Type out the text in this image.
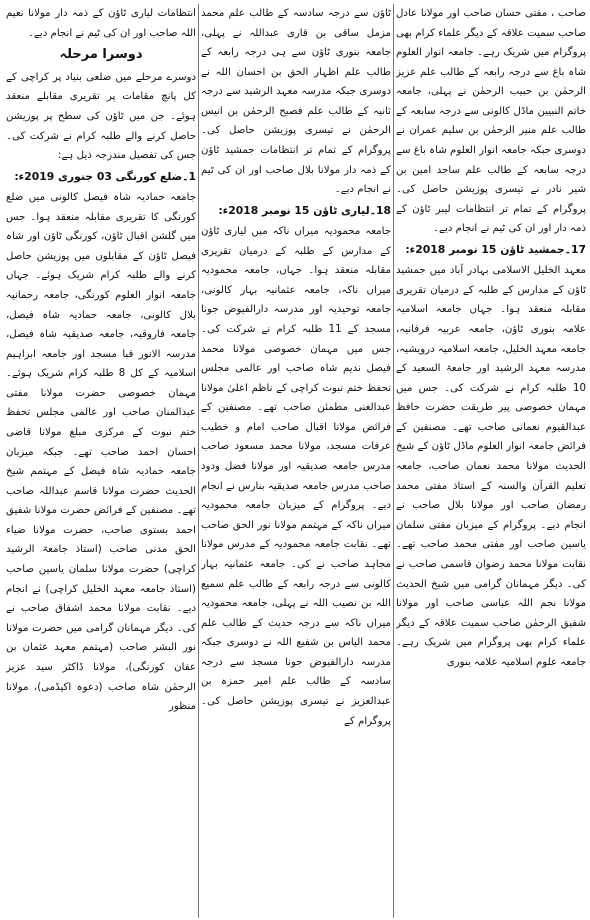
صاحب ، مفتی حسان صاحب اور مولانا عادل صاحب سمیت علاقہ کے دیگر علماء کرام بھی پروگرام میں شریک رہے۔ جامعہ انوار العلوم شاہ باغ سے درجہ رابعہ کے طالب علم عزیز الرحمٰن بن حبیب الرحمٰن نے پہلی، جامعہ خاتم النبیین ماڈل کالونی سے درجہ سابعہ کے طالب علم منیر الرحمٰن بن سلیم عمران نے دوسری جبکہ جامعہ انوار العلوم شاہ باغ سے درجہ سابعہ کے طالب علم ساجد امین بن شیر نادر نے تیسری پوزیشن حاصل کی۔ پروگرام کے تمام تر انتظامات لیبر ٹاؤن کے ذمہ دار اور ان کی ٹیم نے انجام دیے۔

17۔جمشید ٹاؤن 15 نومبر 2018ء:

معہد الخلیل الاسلامی بہادر آباد میں جمشید ٹاؤن کے مدارس کے طلبہ کے درمیان تقریری مقابلہ منعقد ہوا۔ جہاں جامعہ اسلامیہ علامہ بنوری ٹاؤن، جامعہ عربیہ فرقانیہ، جامعہ معہد الخلیل، جامعہ اسلامیہ درویشیہ، مدرسہ معہد الرشید اور جامعۃ السعید کے 10 طلبہ کرام نے شرکت کی۔ جس میں مہمان خصوصی پیر طریقت حضرت حافظ عبدالقیوم نعمانی صاحب تھے۔ مصنفین کے فرائض جامعہ انوار العلوم ماڈل ٹاؤن کے شیخ الحدیث مولانا محمد نعمان صاحب، جامعہ تعلیم القرآن والسنہ کے استاذ مفتی محمد رمضان صاحب اور مولانا بلال صاحب نے انجام دیے۔ پروگرام کے میزبان مفتی سلمان یاسین صاحب اور مفتی محمد صاحب تھے۔ نقابت مولانا محمد رضوان قاسمی صاحب نے کی۔ دیگر مہمانان گرامی میں شیخ الحدیث مولانا نجم اللہ عباسی صاحب اور مولانا شفیق الرحمٰن صاحب سمیت علاقہ کے دیگر علماء کرام بھی پروگرام میں شریک رہے۔ جامعہ علوم اسلامیہ علامہ بنوری

ٹاؤن سے درجہ سادسہ کے طالب علم محمد مزمل ساقی بن قاری عبداللہ نے پہلی، جامعہ بنوری ٹاؤن سے ہی درجہ رابعہ کے طالب علم اظہار الحق بن احسان اللہ نے دوسری جبکہ مدرسہ معہد الرشید سے درجہ ثانیہ کے طالب علم فصیح الرحمٰن بن انیس الرحمٰن نے تیسری پوزیشن حاصل کی۔ پروگرام کے تمام تر انتظامات جمشید ٹاؤن کے ذمہ دار مولانا بلال صاحب اور ان کی ٹیم نے انجام دیے۔

18۔لیاری ٹاؤن 15 نومبر 2018ء:

جامعہ محمودیہ میراں ناکہ میں لیاری ٹاؤن کے مدارس کے طلبہ کے درمیان تقریری مقابلہ منعقد ہوا۔ جہاں، جامعہ محمودیہ میراں ناکہ، جامعہ عثمانیہ بہار کالونی، جامعہ توحیدیہ اور مدرسہ دارالفیوض جونا مسجد کے 11 طلبہ کرام نے شرکت کی۔ جس میں مہمان خصوصی مولانا محمد فیصل ندیم شاہ صاحب اور عالمی مجلس تحفظ ختم نبوت کراچی کے ناظم اعلیٰ مولانا عبدالغنی مطمئن صاحب تھے۔ مصنفین کے فرائض مولانا اقبال صاحب امام و خطیب عرفات مسجد، مولانا محمد مسعود صاحب مدرس جامعہ صدیقیہ اور مولانا فضل ودود صاحب مدرس جامعہ صدیقیہ بنارس نے انجام دیے۔ پروگرام کے میزبان جامعہ محمودیہ میراں ناکہ کے مہتمم مولانا نور الحق صاحب تھے۔ نقابت جامعہ محمودیہ کے مدرس مولانا مجاہد صاحب نے کی۔ جامعہ عثمانیہ بہار کالونی سے درجہ رابعہ کے طالب علم سمیع اللہ بن نصیب اللہ نے پہلی، جامعہ محمودیہ میراں ناکہ سے درجہ حدیث کے طالب علم محمد الیاس بن شفیع اللہ نے دوسری جبکہ مدرسہ دارالفیوض جونا مسجد سے درجہ سادسہ کے طالب علم امیر حمزہ بن عبدالعزیز نے تیسری پوزیشن حاصل کی۔ پروگرام کے

انتظامات لیاری ٹاؤن کے ذمہ دار مولانا نعیم اللہ صاحب اور ان کی ٹیم نے انجام دیے۔

دوسرا مرحلہ

دوسرے مرحلے میں ضلعی بنیاد پر کراچی کے کل پانچ مقامات پر تقریری مقابلے منعقد ہوئے۔ جن میں ٹاؤن کی سطح پر پوزیشن حاصل کرنے والے طلبہ کرام نے شرکت کی۔ جس کی تفصیل مندرجہ ذیل ہے:

1۔ضلع کورنگی 03 جنوری 2019ء:

جامعہ حمادیہ شاہ فیصل کالونی میں ضلع کورنگی کا تقریری مقابلہ منعقد ہوا۔ جس میں گلشن اقبال ٹاؤن، کورنگی ٹاؤن اور شاہ فیصل ٹاؤن کے مقابلوں میں پوزیشن حاصل کرنے والے طلبہ کرام شریک ہوئے۔ جہاں جامعہ انوار العلوم کورنگی، جامعہ رحمانیہ بلال کالونی، جامعہ حمادیہ شاہ فیصل، جامعہ فاروقیہ، جامعہ صدیقیہ شاہ فیصل، مدرسہ الانور قبا مسجد اور جامعہ ابراہیم اسلامیہ کے کل 8 طلبہ کرام شریک ہوئے۔ مہمان خصوصی حضرت مولانا مفتی عبدالمنان صاحب اور عالمی مجلس تحفظ ختم نبوت کے مرکزی مبلغ مولانا قاضی احسان احمد صاحب تھے۔ جبکہ میزبان جامعہ حمادیہ شاہ فیصل کے مہتمم شیخ الحدیث حضرت مولانا قاسم عبداللہ صاحب تھے۔ مصنفین کے فرائض حضرت مولانا شفیق احمد بستوی صاحب، حضرت مولانا ضیاء الحق مدنی صاحب (استاذ جامعۃ الرشید کراچی) حضرت مولانا سلمان یاسین صاحب (استاذ جامعہ معہد الخلیل کراچی) نے انجام دیے۔ نقابت مولانا محمد اشفاق صاحب نے کی۔ دیگر مہمانان گرامی میں حضرت مولانا نور البشر صاحب (مہتمم معہد عثمان بن عفان کورنگی)، مولانا ڈاکٹر سید عزیز الرحمٰن شاہ صاحب (دعوہ اکیڈمی)، مولانا منظور
